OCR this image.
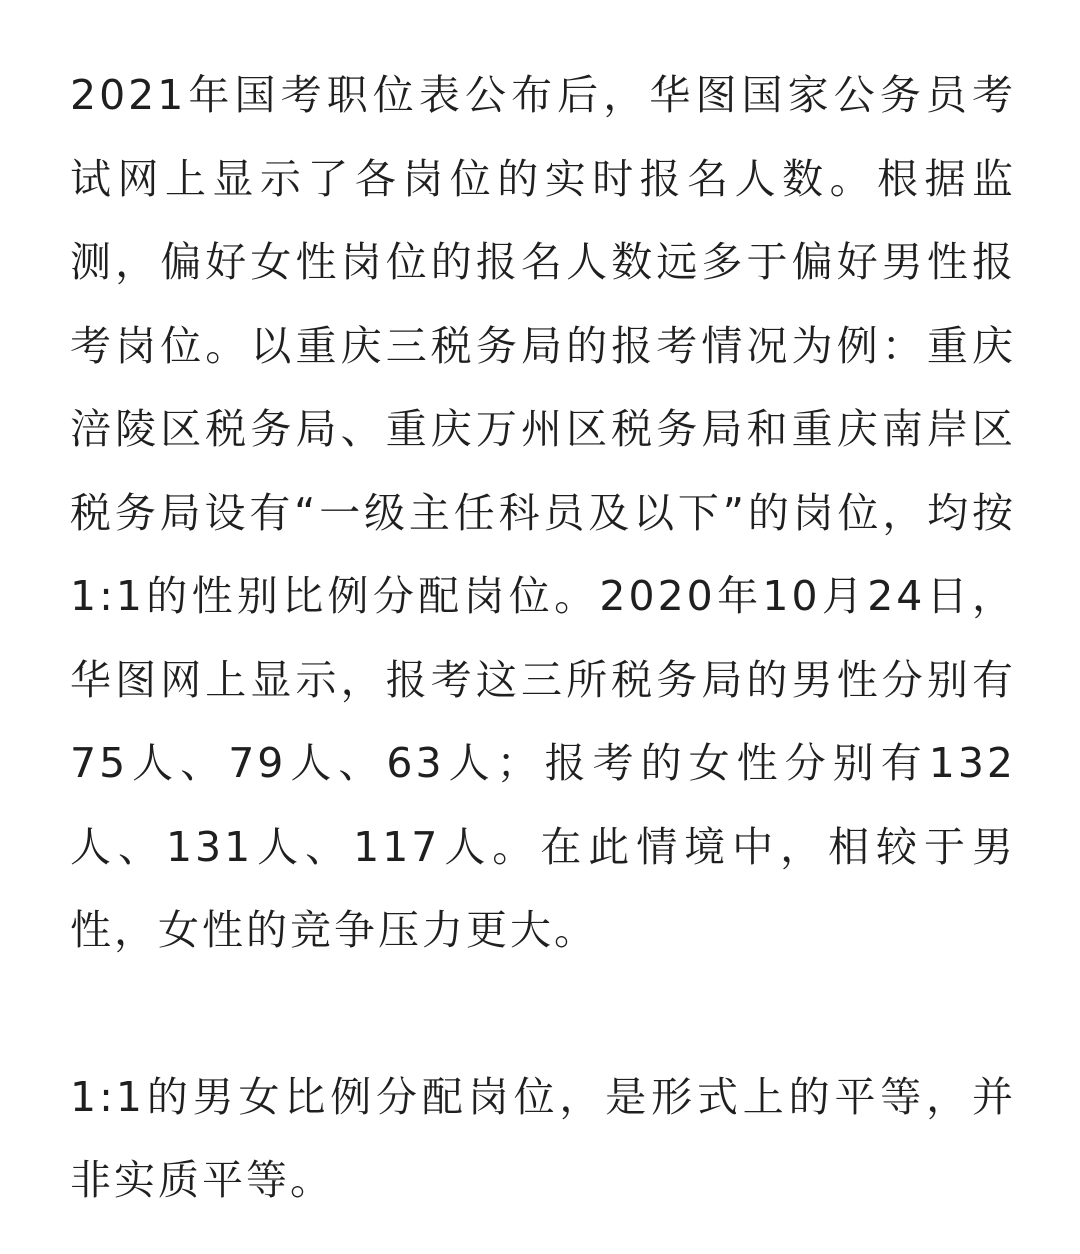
2021年国考职位表公布后，华图国家公务员考试网上显示了各岗位的实时报名人数。根据监测，偏好女性岗位的报名人数远多于偏好男性报考岗位。以重庆三税务局的报考情况为例：重庆涪陵区税务局、重庆万州区税务局和重庆南岸区税务局设有“一级主任科员及以下”的岗位，均按1:1的性别比例分配岗位。2020年10月24日，华图网上显示，报考这三所税务局的男性分别有75人、79人、63人；报考的女性分别有132人、131人、117人。在此情境中，相较于男性，女性的竞争压力更大。

1:1的男女比例分配岗位，是形式上的平等，并非实质平等。
